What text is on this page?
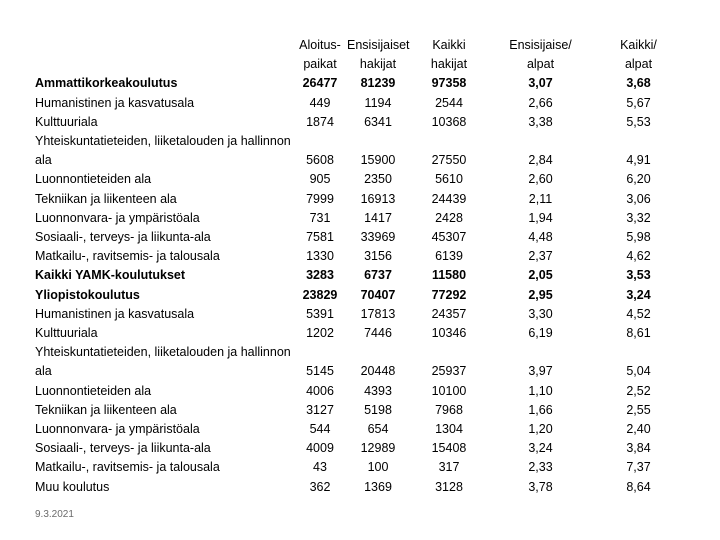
	Aloitus-	Ensisijaiset	Kaikki	Ensisijaise/	Kaikki/
	paikat	hakijat	hakijat	alpat	alpat
Ammattikorkeakoulutus	26477	81239	97358	3,07	3,68
Humanistinen ja kasvatusala	449	1194	2544	2,66	5,67
Kulttuuriala	1874	6341	10368	3,38	5,53
Yhteiskuntatieteiden, liiketalouden ja hallinnon ala	5608	15900	27550	2,84	4,91
Luonnontieteiden ala	905	2350	5610	2,60	6,20
Tekniikan ja liikenteen ala	7999	16913	24439	2,11	3,06
Luonnonvara- ja ympäristöala	731	1417	2428	1,94	3,32
Sosiaali-, terveys- ja liikunta-ala	7581	33969	45307	4,48	5,98
Matkailu-, ravitsemis- ja talousala	1330	3156	6139	2,37	4,62
Kaikki YAMK-koulutukset	3283	6737	11580	2,05	3,53
Yliopistokoulutus	23829	70407	77292	2,95	3,24
Humanistinen ja kasvatusala	5391	17813	24357	3,30	4,52
Kulttuuriala	1202	7446	10346	6,19	8,61
Yhteiskuntatieteiden, liiketalouden ja hallinnon ala	5145	20448	25937	3,97	5,04
Luonnontieteiden ala	4006	4393	10100	1,10	2,52
Tekniikan ja liikenteen ala	3127	5198	7968	1,66	2,55
Luonnonvara- ja ympäristöala	544	654	1304	1,20	2,40
Sosiaali-, terveys- ja liikunta-ala	4009	12989	15408	3,24	3,84
Matkailu-, ravitsemis- ja talousala	43	100	317	2,33	7,37
Muu koulutus	362	1369	3128	3,78	8,64
9.3.2021
